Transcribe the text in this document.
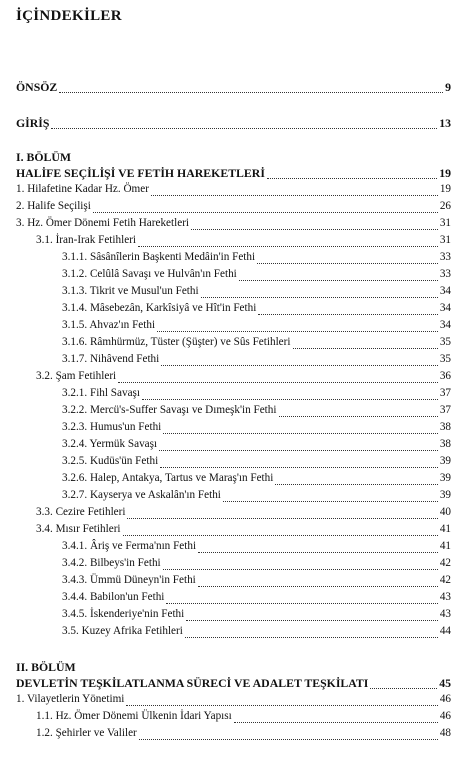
İÇİNDEKİLER
I. BÖLÜM
II. BÖLÜM
ÖNSÖZ	9
GİRİŞ	13
HALİFE SEÇİLİŞİ VE FETİH HAREKETLERİ	19
1. Hilafetine Kadar Hz. Ömer	19
2. Halife Seçilişi	26
3. Hz. Ömer Dönemi Fetih Hareketleri	31
3.1. İran-Irak Fetihleri	31
3.1.1. Sâsânîlerin Başkenti Medâin'in Fethi	33
3.1.2. Celûlâ Savaşı ve Hulvân'ın Fethi	33
3.1.3. Tikrit ve Musul'un Fethi	34
3.1.4. Mâsebezân, Karkîsiyâ ve Hît'in Fethi	34
3.1.5. Ahvaz'ın Fethi	34
3.1.6. Râmhürmüz, Tüster (Şüşter) ve Sûs Fetihleri	35
3.1.7. Nihâvend Fethi	35
3.2. Şam Fetihleri	36
3.2.1. Fihl Savaşı	37
3.2.2. Mercü's-Suffer Savaşı ve Dımeşk'in Fethi	37
3.2.3. Humus'un Fethi	38
3.2.4. Yermük Savaşı	38
3.2.5. Kudüs'ün Fethi	39
3.2.6. Halep, Antakya, Tartus ve Maraş'ın Fethi	39
3.2.7. Kayserya ve Askalân'ın Fethi	39
3.3. Cezire Fetihleri	40
3.4. Mısır Fetihleri	41
3.4.1. Âriş ve Ferma'nın Fethi	41
3.4.2. Bilbeys'in Fethi	42
3.4.3. Ümmü Düneyn'in Fethi	42
3.4.4. Babilon'un Fethi	43
3.4.5. İskenderiye'nin Fethi	43
3.5. Kuzey Afrika Fetihleri	44
DEVLETİN TEŞKİLATLANMA SÜRECİ VE ADALET TEŞKİLATI	45
1. Vilayetlerin Yönetimi	46
1.1. Hz. Ömer Dönemi Ülkenin İdari Yapısı	46
1.2. Şehirler ve Valiler	48
